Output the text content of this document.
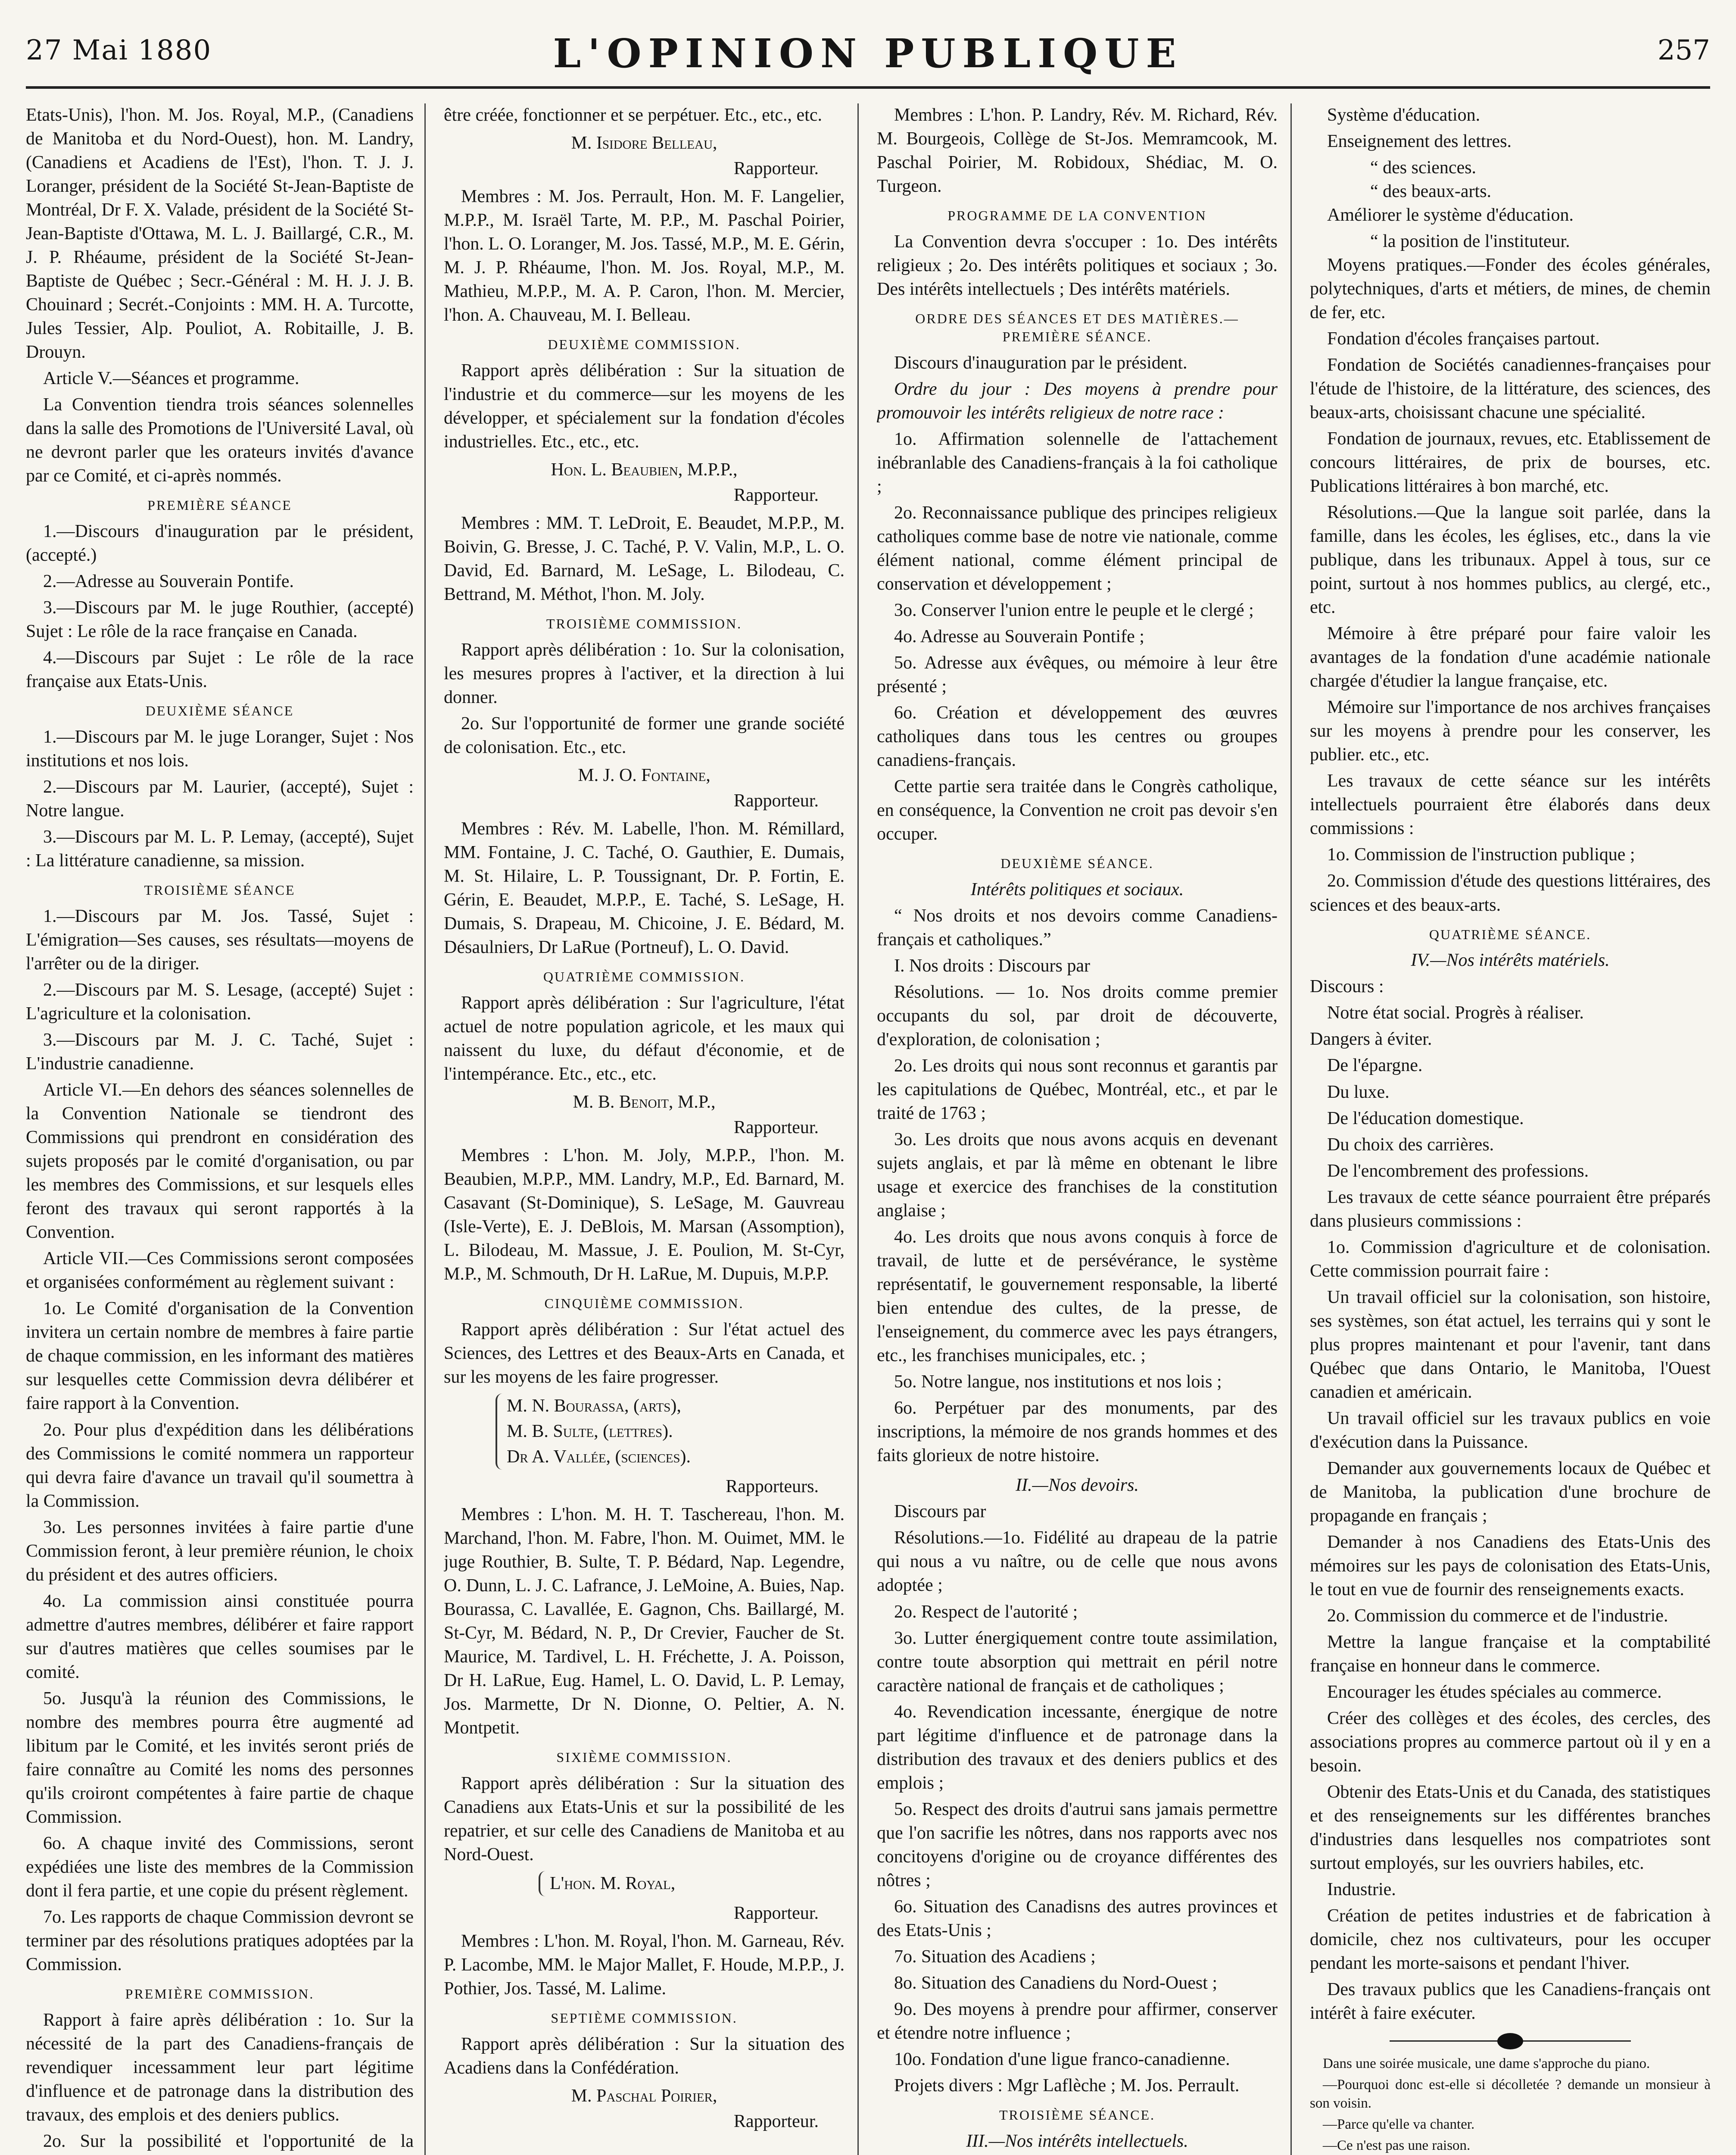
27 Mai 1880	L'OPINION PUBLIQUE	257

Etats-Unis), l'hon. M. Jos. Royal, M.P., (Canadiens de Manitoba et du Nord-Ouest), hon. M. Landry, (Canadiens et Acadiens de l'Est), l'hon. T. J. J. Loranger, président de la Société St-Jean-Baptiste de Montréal, Dr F. X. Valade, président de la Société St-Jean-Baptiste d'Ottawa, M. L. J. Baillargé, C.R., M. J. P. Rhéaume, président de la Société St-Jean-Baptiste de Québec ; Secr.-Général : M. H. J. J. B. Chouinard ; Secrét.-Conjoints : MM. H. A. Turcotte, Jules Tessier, Alp. Pouliot, A. Robitaille, J. B. Drouyn.

Article V.—Séances et programme.

La Convention tiendra trois séances solennelles dans la salle des Promotions de l'Université Laval, où ne devront parler que les orateurs invités d'avance par ce Comité, et ci-après nommés.

PREMIÈRE SÉANCE

1.—Discours d'inauguration par le président, (accepté.)

2.—Adresse au Souverain Pontife.

3.—Discours par M. le juge Routhier, (accepté) Sujet : Le rôle de la race française en Canada.

4.—Discours par Sujet : Le rôle de la race française aux Etats-Unis.

DEUXIÈME SÉANCE

1.—Discours par M. le juge Loranger, Sujet : Nos institutions et nos lois.

2.—Discours par M. Laurier, (accepté), Sujet : Notre langue.

3.—Discours par M. L. P. Lemay, (accepté), Sujet : La littérature canadienne, sa mission.

TROISIÈME SÉANCE

1.—Discours par M. Jos. Tassé, Sujet : L'émigration—Ses causes, ses résultats—moyens de l'arrêter ou de la diriger.

2.—Discours par M. S. Lesage, (accepté) Sujet : L'agriculture et la colonisation.

3.—Discours par M. J. C. Taché, Sujet : L'industrie canadienne.

Article VI.—En dehors des séances solennelles de la Convention Nationale se tiendront des Commissions qui prendront en considération des sujets proposés par le comité d'organisation, ou par les membres des Commissions, et sur lesquels elles feront des travaux qui seront rapportés à la Convention.

Article VII.—Ces Commissions seront composées et organisées conformément au règlement suivant :

1o. Le Comité d'organisation de la Convention invitera un certain nombre de membres à faire partie de chaque commission, en les informant des matières sur lesquelles cette Commission devra délibérer et faire rapport à la Convention.

2o. Pour plus d'expédition dans les délibérations des Commissions le comité nommera un rapporteur qui devra faire d'avance un travail qu'il soumettra à la Commission.

3o. Les personnes invitées à faire partie d'une Commission feront, à leur première réunion, le choix du président et des autres officiers.

4o. La commission ainsi constituée pourra admettre d'autres membres, délibérer et faire rapport sur d'autres matières que celles soumises par le comité.

5o. Jusqu'à la réunion des Commissions, le nombre des membres pourra être augmenté ad libitum par le Comité, et les invités seront priés de faire connaître au Comité les noms des personnes qu'ils croiront compétentes à faire partie de chaque Commission.

6o. A chaque invité des Commissions, seront expédiées une liste des membres de la Commission dont il fera partie, et une copie du présent règlement.

7o. Les rapports de chaque Commission devront se terminer par des résolutions pratiques adoptées par la Commission.

PREMIÈRE COMMISSION.

Rapport à faire après délibération : 1o. Sur la nécessité de la part des Canadiens-français de revendiquer incessamment leur part légitime d'influence et de patronage dans la distribution des travaux, des emplois et des deniers publics.

2o. Sur la possibilité et l'opportunité de la

être créée, fonctionner et se perpétuer. Etc., etc., etc.

M. Isidore Belleau,
Rapporteur.

Membres : M. Jos. Perrault, Hon. M. F. Langelier, M.P.P., M. Israël Tarte, M. P.P., M. Paschal Poirier, l'hon. L. O. Loranger, M. Jos. Tassé, M.P., M. E. Gérin, M. J. P. Rhéaume, l'hon. M. Jos. Royal, M.P., M. Mathieu, M.P.P., M. A. P. Caron, l'hon. M. Mercier, l'hon. A. Chauveau, M. I. Belleau.

DEUXIÈME COMMISSION.

Rapport après délibération : Sur la situation de l'industrie et du commerce—sur les moyens de les développer, et spécialement sur la fondation d'écoles industrielles. Etc., etc., etc.

Hon. L. Beaubien, M.P.P.,
Rapporteur.

Membres : MM. T. LeDroit, E. Beaudet, M.P.P., M. Boivin, G. Bresse, J. C. Taché, P. V. Valin, M.P., L. O. David, Ed. Barnard, M. LeSage, L. Bilodeau, C. Bettrand, M. Méthot, l'hon. M. Joly.

TROISIÈME COMMISSION.

Rapport après délibération : 1o. Sur la colonisation, les mesures propres à l'activer, et la direction à lui donner.

2o. Sur l'opportunité de former une grande société de colonisation. Etc., etc.

M. J. O. Fontaine,
Rapporteur.

Membres : Rév. M. Labelle, l'hon. M. Rémillard, MM. Fontaine, J. C. Taché, O. Gauthier, E. Dumais, M. St. Hilaire, L. P. Toussignant, Dr. P. Fortin, E. Gérin, E. Beaudet, M.P.P., E. Taché, S. LeSage, H. Dumais, S. Drapeau, M. Chicoine, J. E. Bédard, M. Désaulniers, Dr LaRue (Portneuf), L. O. David.

QUATRIÈME COMMISSION.

Rapport après délibération : Sur l'agriculture, l'état actuel de notre population agricole, et les maux qui naissent du luxe, du défaut d'économie, et de l'intempérance. Etc., etc., etc.

M. B. Benoit, M.P.,
Rapporteur.

Membres : L'hon. M. Joly, M.P.P., l'hon. M. Beaubien, M.P.P., MM. Landry, M.P., Ed. Barnard, M. Casavant (St-Dominique), S. LeSage, M. Gauvreau (Isle-Verte), E. J. DeBlois, M. Marsan (Assomption), L. Bilodeau, M. Massue, J. E. Poulion, M. St-Cyr, M.P., M. Schmouth, Dr H. LaRue, M. Dupuis, M.P.P.

CINQUIÈME COMMISSION.

Rapport après délibération : Sur l'état actuel des Sciences, des Lettres et des Beaux-Arts en Canada, et sur les moyens de les faire progresser.

M. N. Bourassa, (arts),
M. B. Sulte, (lettres).
Dr A. Vallée, (sciences).
Rapporteurs.

Membres : L'hon. M. H. T. Taschereau, l'hon. M. Marchand, l'hon. M. Fabre, l'hon. M. Ouimet, MM. le juge Routhier, B. Sulte, T. P. Bédard, Nap. Legendre, O. Dunn, L. J. C. Lafrance, J. LeMoine, A. Buies, Nap. Bourassa, C. Lavallée, E. Gagnon, Chs. Baillargé, M. St-Cyr, M. Bédard, N. P., Dr Crevier, Faucher de St. Maurice, M. Tardivel, L. H. Fréchette, J. A. Poisson, Dr H. LaRue, Eug. Hamel, L. O. David, L. P. Lemay, Jos. Marmette, Dr N. Dionne, O. Peltier, A. N. Montpetit.

SIXIÈME COMMISSION.

Rapport après délibération : Sur la situation des Canadiens aux Etats-Unis et sur la possibilité de les repatrier, et sur celle des Canadiens de Manitoba et au Nord-Ouest.

L'hon. M. Royal,
Rapporteur.

Membres : L'hon. M. Royal, l'hon. M. Garneau, Rév. P. Lacombe, MM. le Major Mallet, F. Houde, M.P.P., J. Pothier, Jos. Tassé, M. Lalime.

SEPTIÈME COMMISSION.

Rapport après délibération : Sur la situation des Acadiens dans la Confédération.

M. Paschal Poirier,
Rapporteur.

Membres : L'hon. P. Landry, Rév. M. Richard, Rév. M. Bourgeois, Collège de St-Jos. Memramcook, M. Paschal Poirier, M. Robidoux, Shédiac, M. O. Turgeon.

PROGRAMME DE LA CONVENTION

La Convention devra s'occuper : 1o. Des intérêts religieux ; 2o. Des intérêts politiques et sociaux ; 3o. Des intérêts intellectuels ; Des intérêts matériels.

ORDRE DES SÉANCES ET DES MATIÈRES.—PREMIÈRE SÉANCE.

Discours d'inauguration par le président.

Ordre du jour : Des moyens à prendre pour promouvoir les intérêts religieux de notre race :

1o. Affirmation solennelle de l'attachement inébranlable des Canadiens-français à la foi catholique ;

2o. Reconnaissance publique des principes religieux catholiques comme base de notre vie nationale, comme élément national, comme élément principal de conservation et développement ;

3o. Conserver l'union entre le peuple et le clergé ;

4o. Adresse au Souverain Pontife ;

5o. Adresse aux évêques, ou mémoire à leur être présenté ;

6o. Création et développement des œuvres catholiques dans tous les centres ou groupes canadiens-français.

Cette partie sera traitée dans le Congrès catholique, en conséquence, la Convention ne croit pas devoir s'en occuper.

DEUXIÈME SÉANCE.

Intérêts politiques et sociaux.

“ Nos droits et nos devoirs comme Canadiens-français et catholiques.”

I. Nos droits : Discours par

Résolutions. — 1o. Nos droits comme premier occupants du sol, par droit de découverte, d'exploration, de colonisation ;

2o. Les droits qui nous sont reconnus et garantis par les capitulations de Québec, Montréal, etc., et par le traité de 1763 ;

3o. Les droits que nous avons acquis en devenant sujets anglais, et par là même en obtenant le libre usage et exercice des franchises de la constitution anglaise ;

4o. Les droits que nous avons conquis à force de travail, de lutte et de persévérance, le système représentatif, le gouvernement responsable, la liberté bien entendue des cultes, de la presse, de l'enseignement, du commerce avec les pays étrangers, etc., les franchises municipales, etc. ;

5o. Notre langue, nos institutions et nos lois ;

6o. Perpétuer par des monuments, par des inscriptions, la mémoire de nos grands hommes et des faits glorieux de notre histoire.

II.—Nos devoirs.

Discours par

Résolutions.—1o. Fidélité au drapeau de la patrie qui nous a vu naître, ou de celle que nous avons adoptée ;

2o. Respect de l'autorité ;

3o. Lutter énergiquement contre toute assimilation, contre toute absorption qui mettrait en péril notre caractère national de français et de catholiques ;

4o. Revendication incessante, énergique de notre part légitime d'influence et de patronage dans la distribution des travaux et des deniers publics et des emplois ;

5o. Respect des droits d'autrui sans jamais permettre que l'on sacrifie les nôtres, dans nos rapports avec nos concitoyens d'origine ou de croyance différentes des nôtres ;

6o. Situation des Canadisns des autres provinces et des Etats-Unis ;

7o. Situation des Acadiens ;

8o. Situation des Canadiens du Nord-Ouest ;

9o. Des moyens à prendre pour affirmer, conserver et étendre notre influence ;

10o. Fondation d'une ligue franco-canadienne.

Projets divers : Mgr Laflèche ; M. Jos. Perrault.

TROISIÈME SÉANCE.

III.—Nos intérêts intellectuels.

Système d'éducation.

Enseignement des lettres.

“ des sciences.

“ des beaux-arts.

Améliorer le système d'éducation.

“ la position de l'instituteur.

Moyens pratiques.—Fonder des écoles générales, polytechniques, d'arts et métiers, de mines, de chemin de fer, etc.

Fondation d'écoles françaises partout.

Fondation de Sociétés canadiennes-françaises pour l'étude de l'histoire, de la littérature, des sciences, des beaux-arts, choisissant chacune une spécialité.

Fondation de journaux, revues, etc. Etablissement de concours littéraires, de prix de bourses, etc. Publications littéraires à bon marché, etc.

Résolutions.—Que la langue soit parlée, dans la famille, dans les écoles, les églises, etc., dans la vie publique, dans les tribunaux. Appel à tous, sur ce point, surtout à nos hommes publics, au clergé, etc., etc.

Mémoire à être préparé pour faire valoir les avantages de la fondation d'une académie nationale chargée d'étudier la langue française, etc.

Mémoire sur l'importance de nos archives françaises sur les moyens à prendre pour les conserver, les publier. etc., etc.

Les travaux de cette séance sur les intérêts intellectuels pourraient être élaborés dans deux commissions :

1o. Commission de l'instruction publique ;

2o. Commission d'étude des questions littéraires, des sciences et des beaux-arts.

QUATRIÈME SÉANCE.

IV.—Nos intérêts matériels.

Discours :

Notre état social. Progrès à réaliser.

Dangers à éviter.

De l'épargne.

Du luxe.

De l'éducation domestique.

Du choix des carrières.

De l'encombrement des professions.

Les travaux de cette séance pourraient être préparés dans plusieurs commissions :

1o. Commission d'agriculture et de colonisation. Cette commission pourrait faire :

Un travail officiel sur la colonisation, son histoire, ses systèmes, son état actuel, les terrains qui y sont le plus propres maintenant et pour l'avenir, tant dans Québec que dans Ontario, le Manitoba, l'Ouest canadien et américain.

Un travail officiel sur les travaux publics en voie d'exécution dans la Puissance.

Demander aux gouvernements locaux de Québec et de Manitoba, la publication d'une brochure de propagande en français ;

Demander à nos Canadiens des Etats-Unis des mémoires sur les pays de colonisation des Etats-Unis, le tout en vue de fournir des renseignements exacts.

2o. Commission du commerce et de l'industrie.

Mettre la langue française et la comptabilité française en honneur dans le commerce.

Encourager les études spéciales au commerce.

Créer des collèges et des écoles, des cercles, des associations propres au commerce partout où il y en a besoin.

Obtenir des Etats-Unis et du Canada, des statistiques et des renseignements sur les différentes branches d'industries dans lesquelles nos compatriotes sont surtout employés, sur les ouvriers habiles, etc.

Industrie.

Création de petites industries et de fabrication à domicile, chez nos cultivateurs, pour les occuper pendant les morte-saisons et pendant l'hiver.

Des travaux publics que les Canadiens-français ont intérêt à faire exécuter.

Dans une soirée musicale, une dame s'approche du piano.

—Pourquoi donc est-elle si décolletée ? demande un monsieur à son voisin.

—Parce qu'elle va chanter.

—Ce n'est pas une raison.
